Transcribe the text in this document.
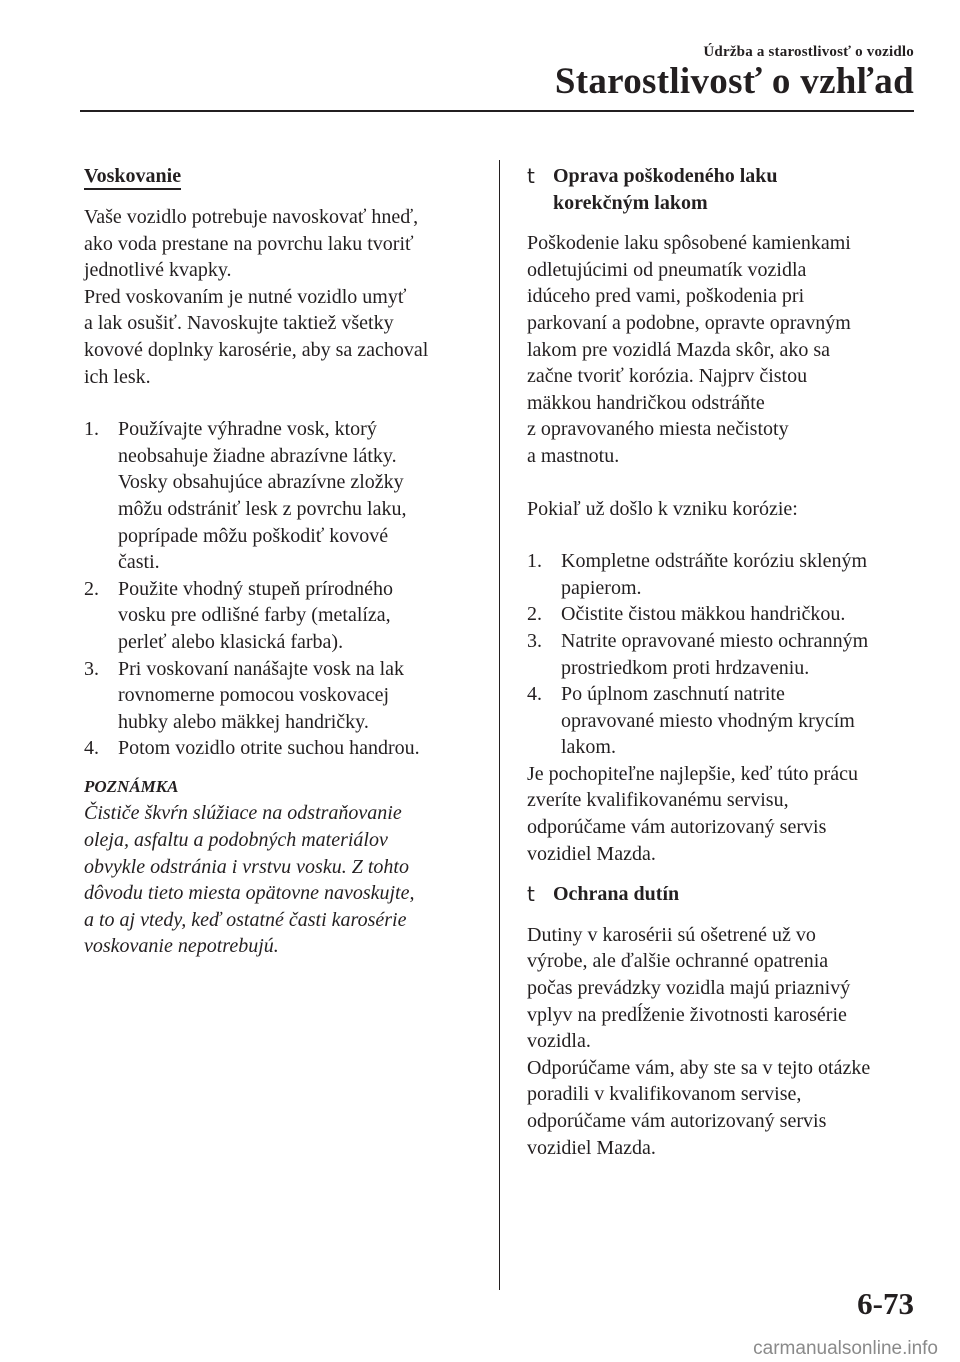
Údržba a starostlivosť o vozidlo
Starostlivosť o vzhľad
Voskovanie
Vaše vozidlo potrebuje navoskovať hneď,
ako voda prestane na povrchu laku tvoriť
jednotlivé kvapky.
Pred voskovaním je nutné vozidlo umyť
a lak osušiť. Navoskujte taktiež všetky
kovové doplnky karosérie, aby sa zachoval
ich lesk.
1. Používajte výhradne vosk, ktorý
neobsahuje žiadne abrazívne látky.
Vosky obsahujúce abrazívne zložky
môžu odstrániť lesk z povrchu laku,
poprípade môžu poškodiť kovové
časti.
2. Použite vhodný stupeň prírodného
vosku pre odlišné farby (metalíza,
perleť alebo klasická farba).
3. Pri voskovaní nanášajte vosk na lak
rovnomerne pomocou voskovacej
hubky alebo mäkkej handričky.
4. Potom vozidlo otrite suchou handrou.
POZNÁMKA
Čističe škvŕn slúžiace na odstraňovanie
oleja, asfaltu a podobných materiálov
obvykle odstránia i vrstvu vosku. Z tohto
dôvodu tieto miesta opätovne navoskujte,
a to aj vtedy, keď ostatné časti karosérie
voskovanie nepotrebujú.
t Oprava poškodeného laku
korekčným lakom
Poškodenie laku spôsobené kamienkami
odletujúcimi od pneumatík vozidla
idúceho pred vami, poškodenia pri
parkovaní a podobne, opravte opravným
lakom pre vozidlá Mazda skôr, ako sa
začne tvoriť korózia. Najprv čistou
mäkkou handričkou odstráňte
z opravovaného miesta nečistoty
a mastnotu.
Pokiaľ už došlo k vzniku korózie:
1. Kompletne odstráňte koróziu skleným
papierom.
2. Očistite čistou mäkkou handričkou.
3. Natrite opravované miesto ochranným
prostriedkom proti hrdzaveniu.
4. Po úplnom zaschnutí natrite
opravované miesto vhodným krycím
lakom.
Je pochopiteľne najlepšie, keď túto prácu
zveríte kvalifikovanému servisu,
odporúčame vám autorizovaný servis
vozidiel Mazda.
t Ochrana dutín
Dutiny v karosérii sú ošetrené už vo
výrobe, ale ďalšie ochranné opatrenia
počas prevádzky vozidla majú priaznivý
vplyv na predĺženie životnosti karosérie
vozidla.
Odporúčame vám, aby ste sa v tejto otázke
poradili v kvalifikovanom servise,
odporúčame vám autorizovaný servis
vozidiel Mazda.
6-73
carmanualsonline.info
